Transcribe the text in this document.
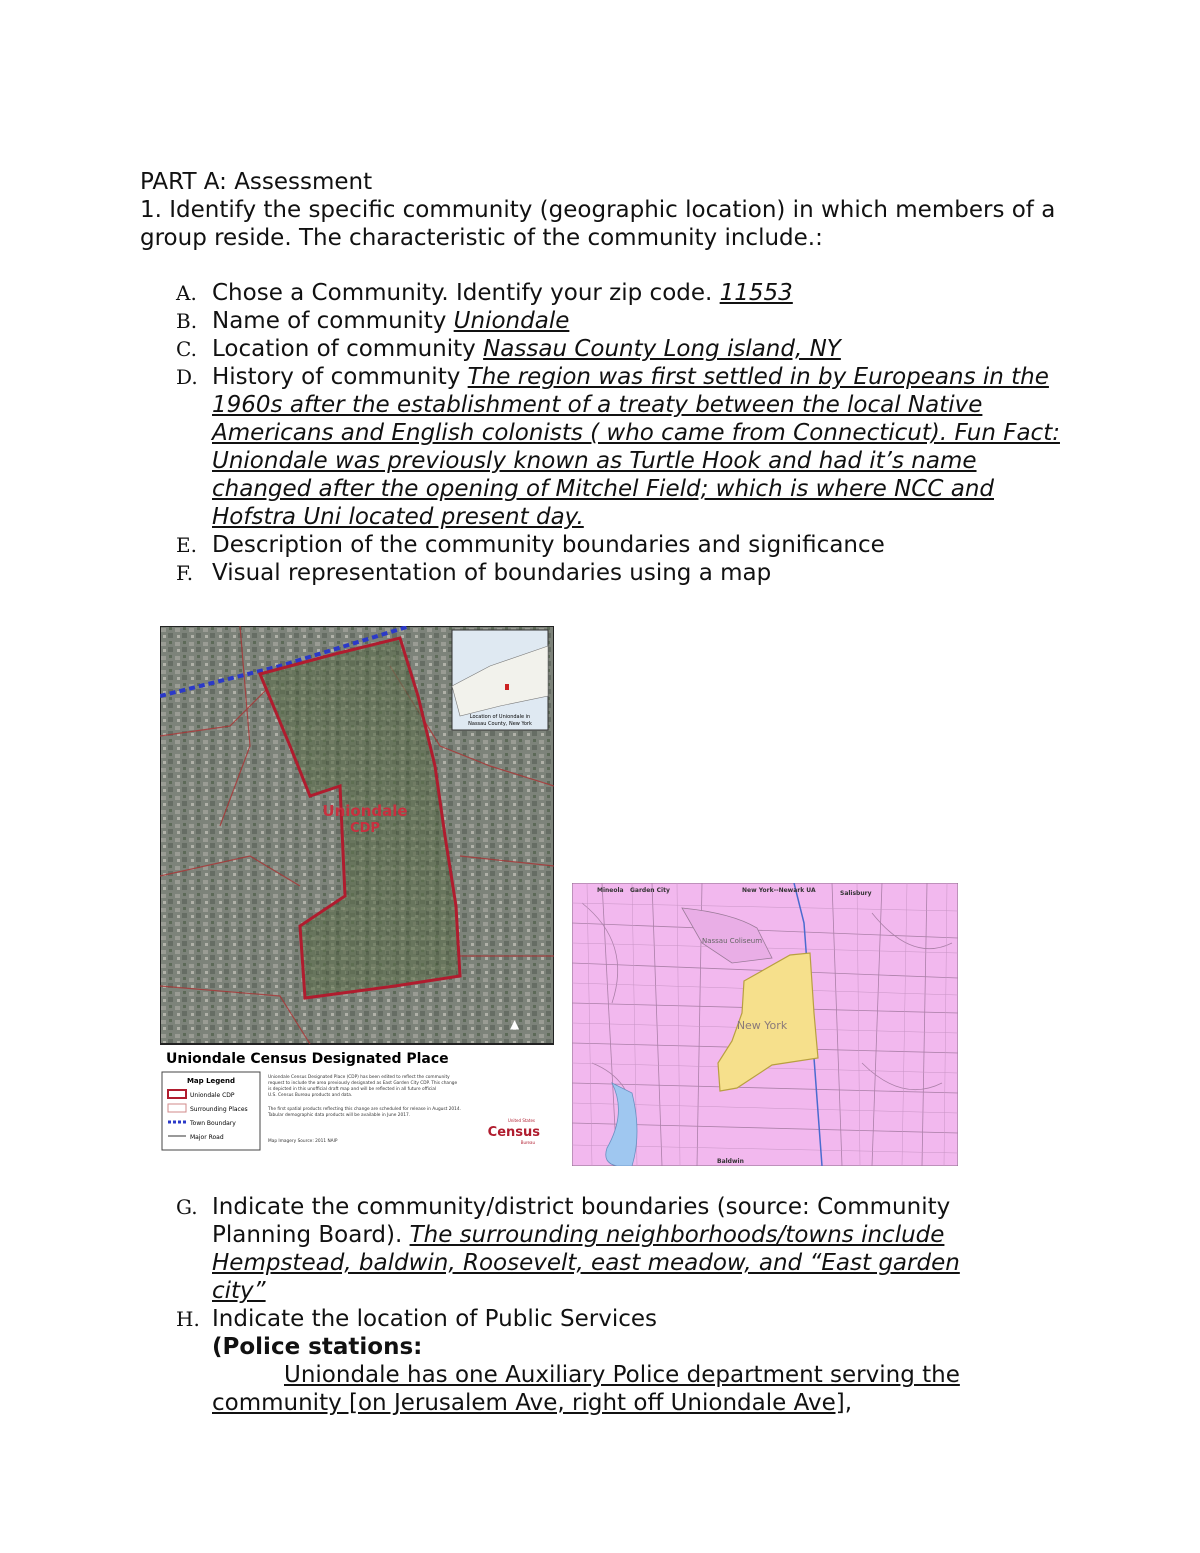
PART A: Assessment
1. Identify the specific community (geographic location) in which members of a group reside. The characteristic of the community include.:
A. Chose a Community. Identify your zip code. 11553
B. Name of community Uniondale
C. Location of community Nassau County Long island, NY
D. History of community The region was first settled in by Europeans in the 1960s after the establishment of a treaty between the local Native Americans and English colonists ( who came from Connecticut). Fun Fact: Uniondale was previously known as Turtle Hook and had it’s name changed after the opening of Mitchel Field; which is where NCC and Hofstra Uni located present day.
E. Description of the community boundaries and significance
F. Visual representation of boundaries using a map
Uniondale
CDP
Location of Uniondale in
Nassau County, New York
▲
Uniondale Census Designated Place
Map Legend
Uniondale CDP
Surrounding Places
Town Boundary
Major Road
Uniondale Census Designated Place (CDP) has been edited to reflect the community
request to include the area previously designated as East Garden City CDP. This change
is depicted in this unofficial draft map and will be reflected in all future official
U.S. Census Bureau products and data.
The first spatial products reflecting this change are scheduled for release in August 2014.
Tabular demographic data products will be available in June 2017.
Map Imagery Source: 2011 NAIP
United States
Census
Bureau
Nassau Coliseum
New York
Mineola Garden City	New York--Newark UA	Salisbury
Baldwin
G. Indicate the community/district boundaries (source: Community Planning Board). The surrounding neighborhoods/towns include Hempstead, baldwin, Roosevelt, east meadow, and “East garden city”
H. Indicate the location of Public Services
(Police stations:
Uniondale has one Auxiliary Police department serving the community [on Jerusalem Ave, right off Uniondale Ave],
